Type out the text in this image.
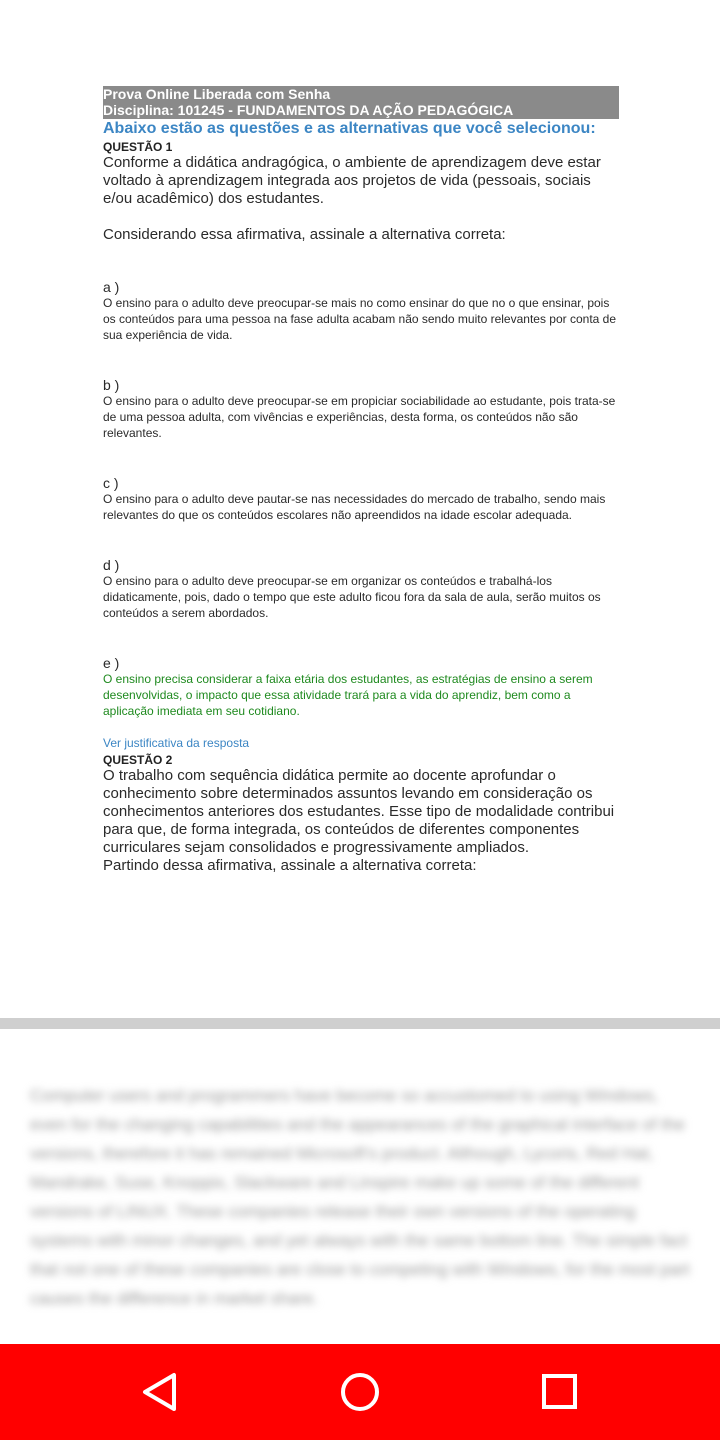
Prova Online Liberada com Senha
Disciplina: 101245 - FUNDAMENTOS DA AÇÃO PEDAGÓGICA
Abaixo estão as questões e as alternativas que você selecionou:
QUESTÃO 1
Conforme a didática andragógica, o ambiente de aprendizagem deve estar voltado à aprendizagem integrada aos projetos de vida (pessoais, sociais e/ou acadêmico) dos estudantes.
Considerando essa afirmativa, assinale a alternativa correta:
a )
O ensino para o adulto deve preocupar-se mais no como ensinar do que no o que ensinar, pois os conteúdos para uma pessoa na fase adulta acabam não sendo muito relevantes por conta de sua experiência de vida.
b )
O ensino para o adulto deve preocupar-se em propiciar sociabilidade ao estudante, pois trata-se de uma pessoa adulta, com vivências e experiências, desta forma, os conteúdos não são relevantes.
c )
O ensino para o adulto deve pautar-se nas necessidades do mercado de trabalho, sendo mais relevantes do que os conteúdos escolares não apreendidos na idade escolar adequada.
d )
O ensino para o adulto deve preocupar-se em organizar os conteúdos e trabalhá-los didaticamente, pois, dado o tempo que este adulto ficou fora da sala de aula, serão muitos os conteúdos a serem abordados.
e )
O ensino precisa considerar a faixa etária dos estudantes, as estratégias de ensino a serem desenvolvidas, o impacto que essa atividade trará para a vida do aprendiz, bem como a aplicação imediata em seu cotidiano.
Ver justificativa da resposta
QUESTÃO 2
O trabalho com sequência didática permite ao docente aprofundar o conhecimento sobre determinados assuntos levando em consideração os conhecimentos anteriores dos estudantes. Esse tipo de modalidade contribui para que, de forma integrada, os conteúdos de diferentes componentes curriculares sejam consolidados e progressivamente ampliados.
Partindo dessa afirmativa, assinale a alternativa correta:
Computer users and programmers have become so accustomed to using Windows, even for the changing capabilities and the appearances of the graphical interface of the versions, therefore it has remained Microsoft's product. Although, Lycoris, Red Hat, Mandrake, Suse, Knoppix, Slackware and Linspire make up some of the different versions of LINUX. These companies release their own versions of the operating systems with minor changes, and yet always with the same bottom line. The simple fact that not one of these companies are close to competing with Windows, for the most part causes the difference in market share.
